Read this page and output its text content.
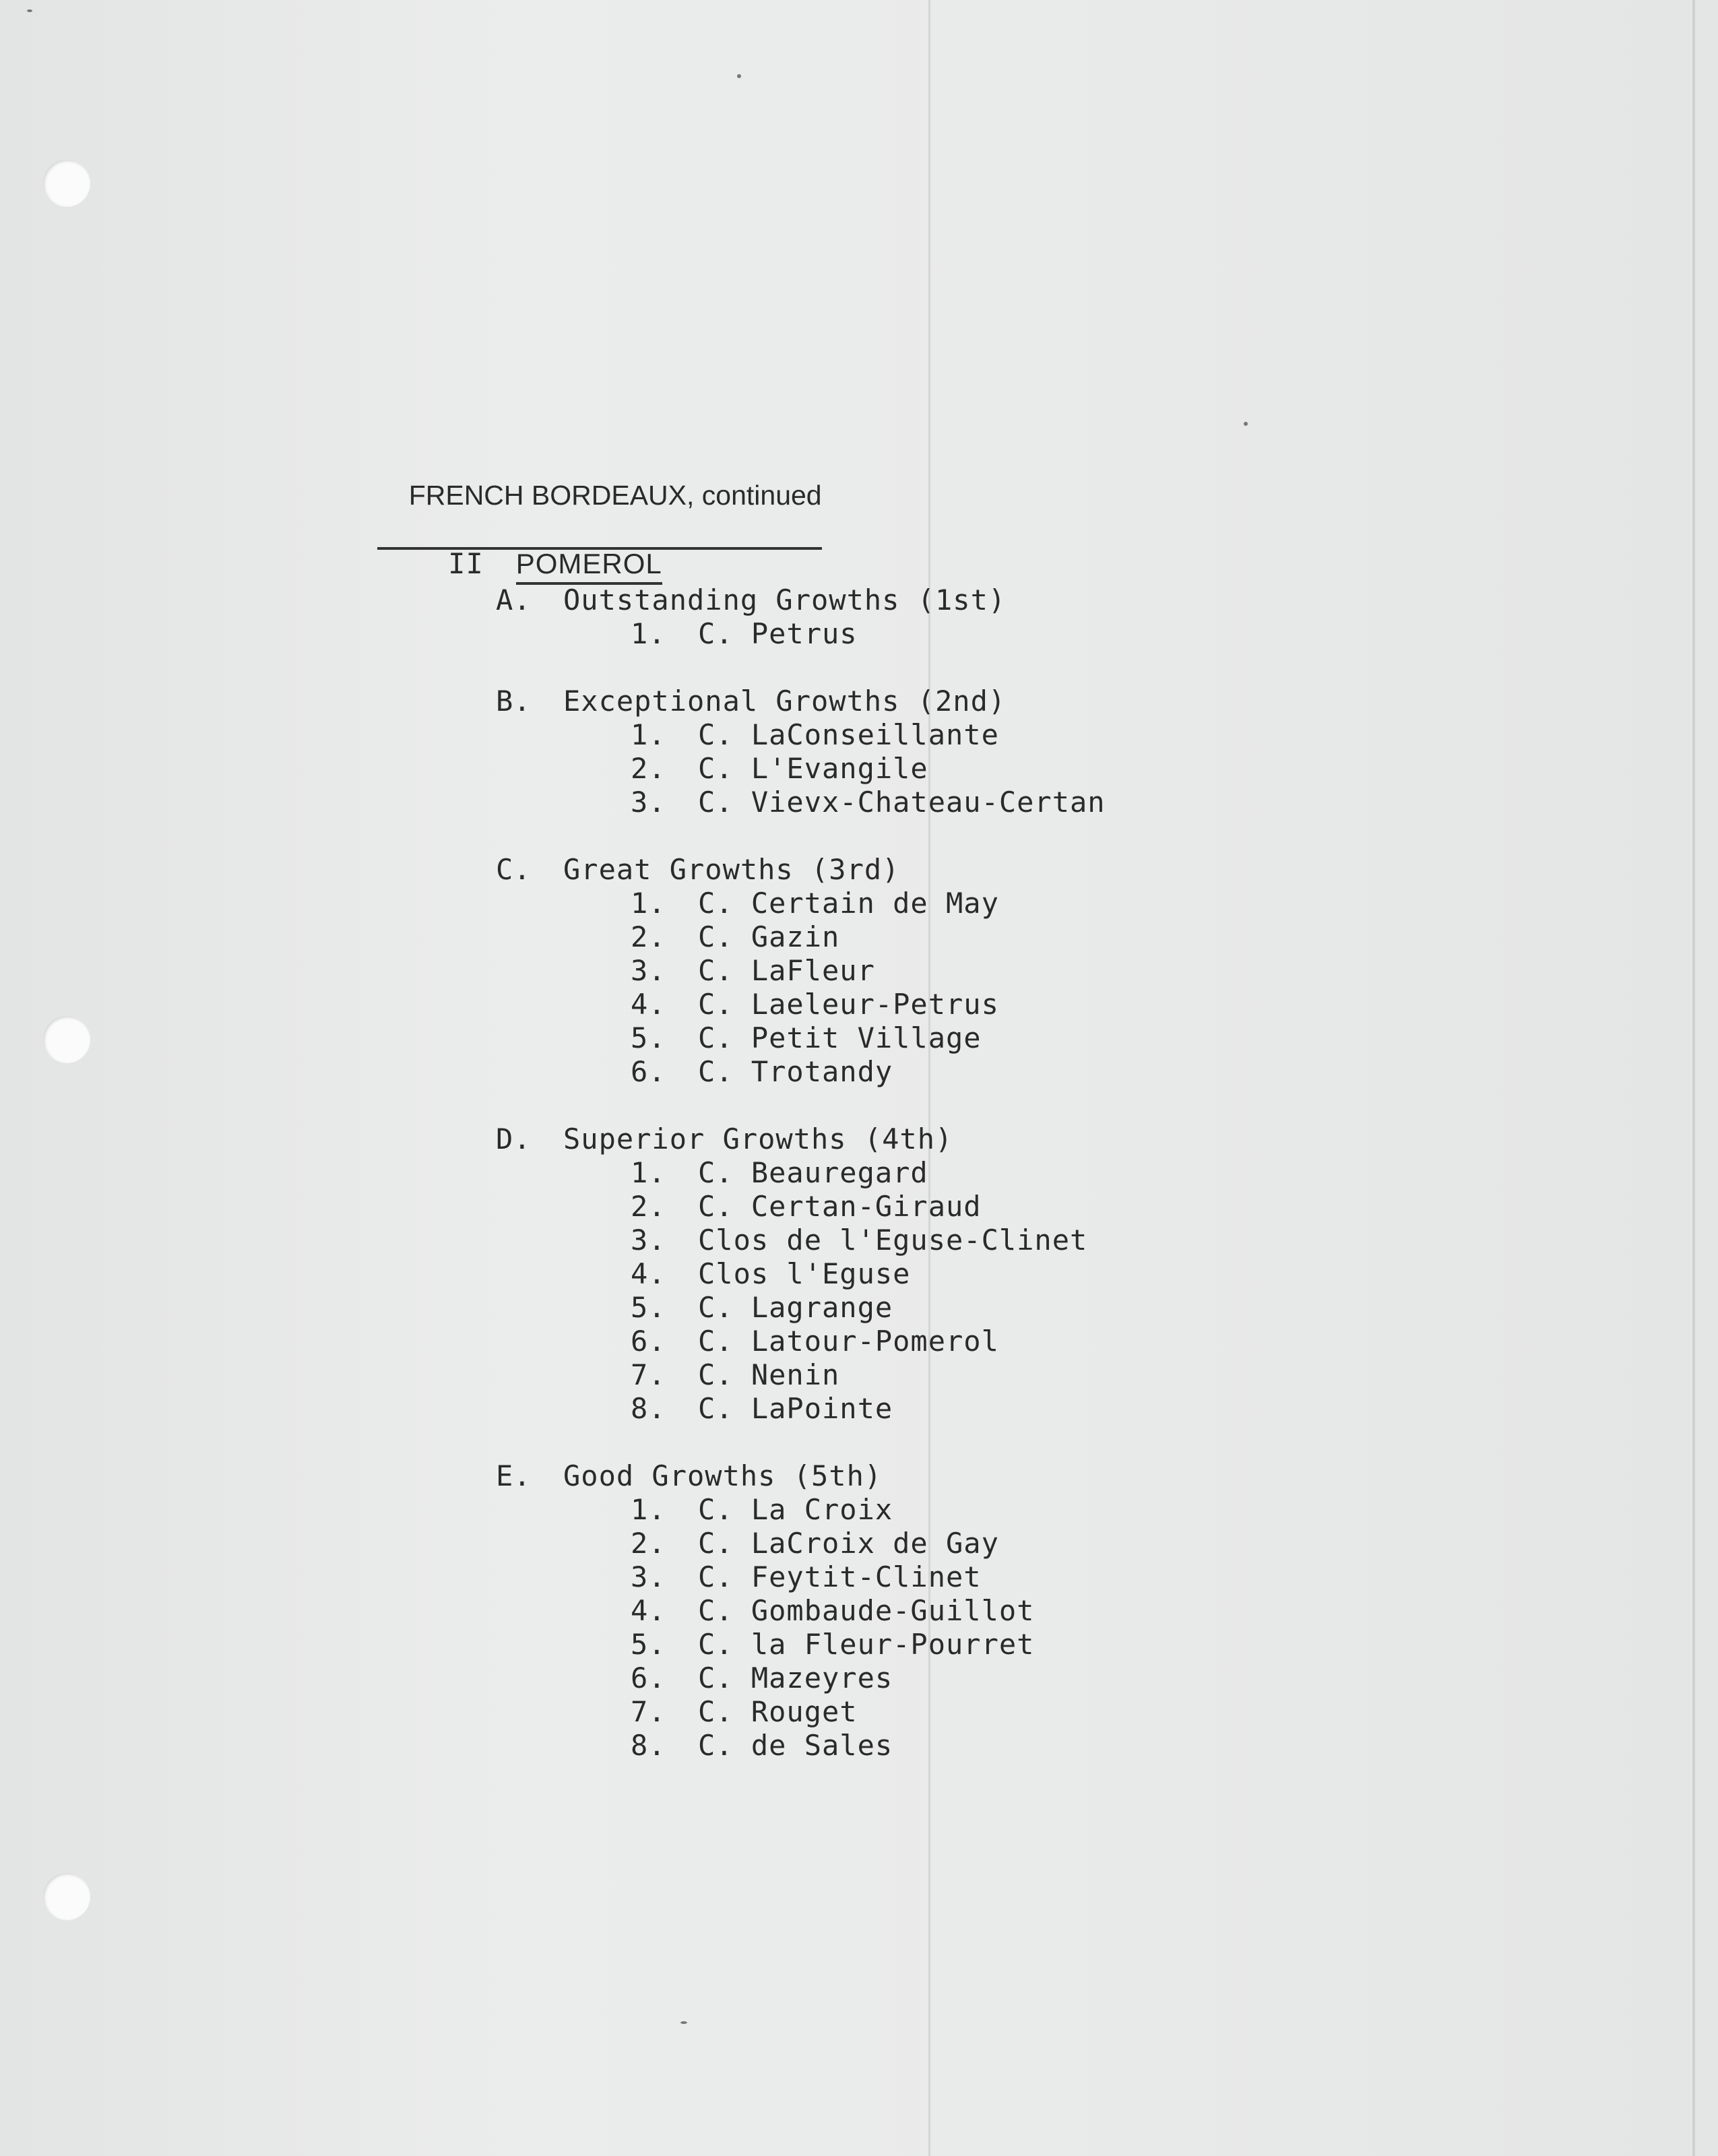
FRENCH BORDEAUX, continued

II POMEROL

A. Outstanding Growths (1st)
1. C. Petrus
B. Exceptional Growths (2nd)
1. C. LaConseillante
2. C. L'Evangile
3. C. Vievx-Chateau-Certan
C. Great Growths (3rd)
1. C. Certain de May
2. C. Gazin
3. C. LaFleur
4. C. Laeleur-Petrus
5. C. Petit Village
6. C. Trotandy
D. Superior Growths (4th)
1. C. Beauregard
2. C. Certan-Giraud
3. Clos de l'Eguse-Clinet
4. Clos l'Eguse
5. C. Lagrange
6. C. Latour-Pomerol
7. C. Nenin
8. C. LaPointe
E. Good Growths (5th)
1. C. La Croix
2. C. LaCroix de Gay
3. C. Feytit-Clinet
4. C. Gombaude-Guillot
5. C. la Fleur-Pourret
6. C. Mazeyres
7. C. Rouget
8. C. de Sales
